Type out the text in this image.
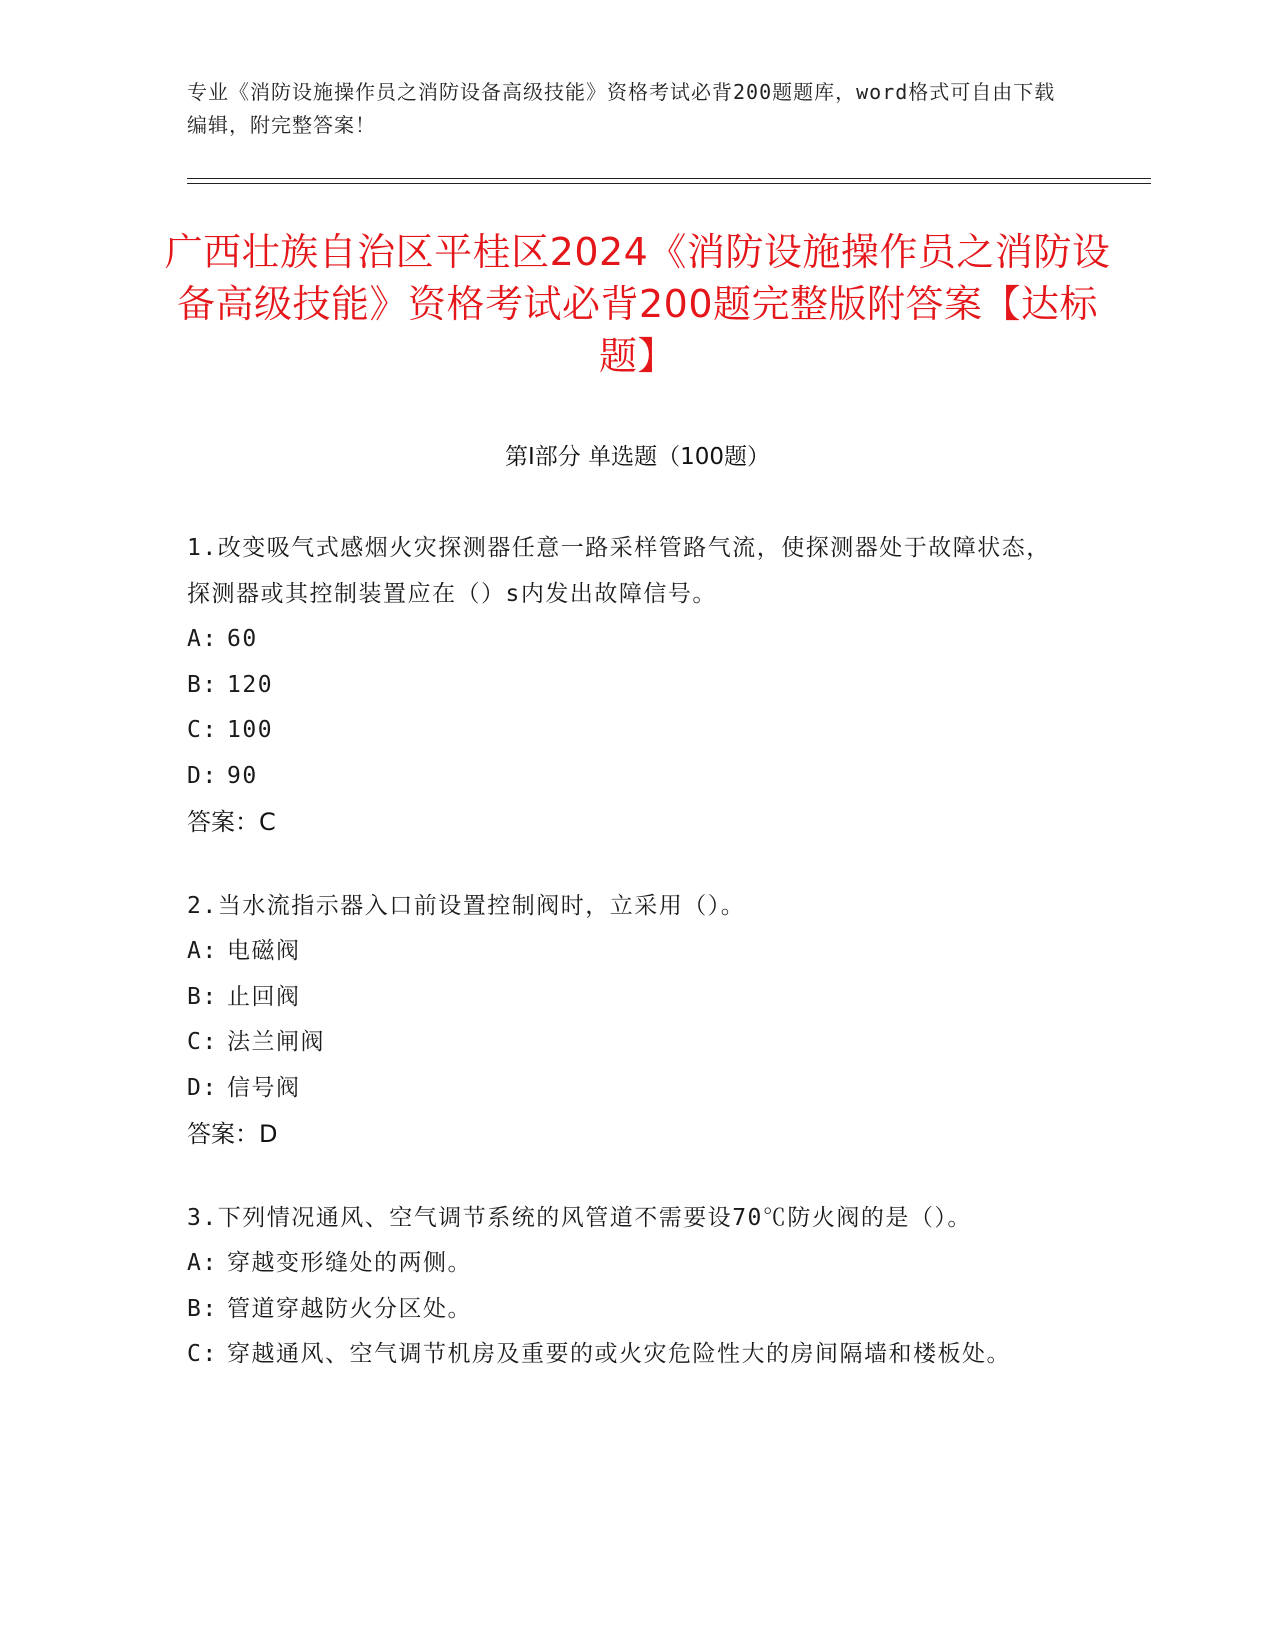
专业《消防设施操作员之消防设备高级技能》资格考试必背200题题库，word格式可自由下载编辑，附完整答案！
广西壮族自治区平桂区2024《消防设施操作员之消防设备高级技能》资格考试必背200题完整版附答案【达标题】
第Ⅰ部分 单选题（100题）
1.改变吸气式感烟火灾探测器任意一路采样管路气流，使探测器处于故障状态，探测器或其控制装置应在（）s内发出故障信号。
A: 60
B: 120
C: 100
D: 90
答案：C
2.当水流指示器入口前设置控制阀时，立采用（）。
A: 电磁阀
B: 止回阀
C: 法兰闸阀
D: 信号阀
答案：D
3.下列情况通风、空气调节系统的风管道不需要设70℃防火阀的是（）。
A: 穿越变形缝处的两侧。
B: 管道穿越防火分区处。
C: 穿越通风、空气调节机房及重要的或火灾危险性大的房间隔墙和楼板处。
